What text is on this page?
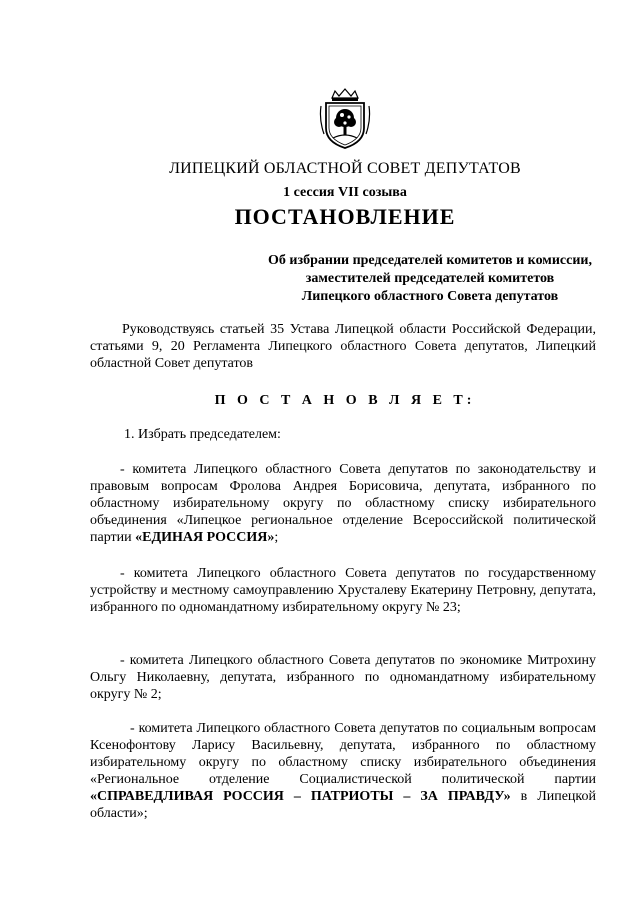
ЛИПЕЦКИЙ ОБЛАСТНОЙ СОВЕТ ДЕПУТАТОВ
1 сессия VII созыва
ПОСТАНОВЛЕНИЕ
Об избрании председателей комитетов и комиссии,
заместителей председателей комитетов
Липецкого областного Совета депутатов
Руководствуясь статьей 35 Устава Липецкой области Российской Федерации, статьями 9, 20 Регламента Липецкого областного Совета депутатов, Липецкий областной Совет депутатов
П О С Т А Н О В Л Я Е Т:
1. Избрать председателем:
- комитета Липецкого областного Совета депутатов по законодательству и правовым вопросам Фролова Андрея Борисовича, депутата, избранного по областному избирательному округу по областному списку избирательного объединения «Липецкое региональное отделение Всероссийской политической партии «ЕДИНАЯ РОССИЯ»;
- комитета Липецкого областного Совета депутатов по государственному устройству и местному самоуправлению Хрусталеву Екатерину Петровну, депутата, избранного по одномандатному избирательному округу № 23;
- комитета Липецкого областного Совета депутатов по экономике Митрохину Ольгу Николаевну, депутата, избранного по одномандатному избирательному округу № 2;
- комитета Липецкого областного Совета депутатов по социальным вопросам Ксенофонтову Ларису Васильевну, депутата, избранного по областному избирательному округу по областному списку избирательного объединения «Региональное отделение Социалистической политической партии «СПРАВЕДЛИВАЯ РОССИЯ – ПАТРИОТЫ – ЗА ПРАВДУ» в Липецкой области»;
